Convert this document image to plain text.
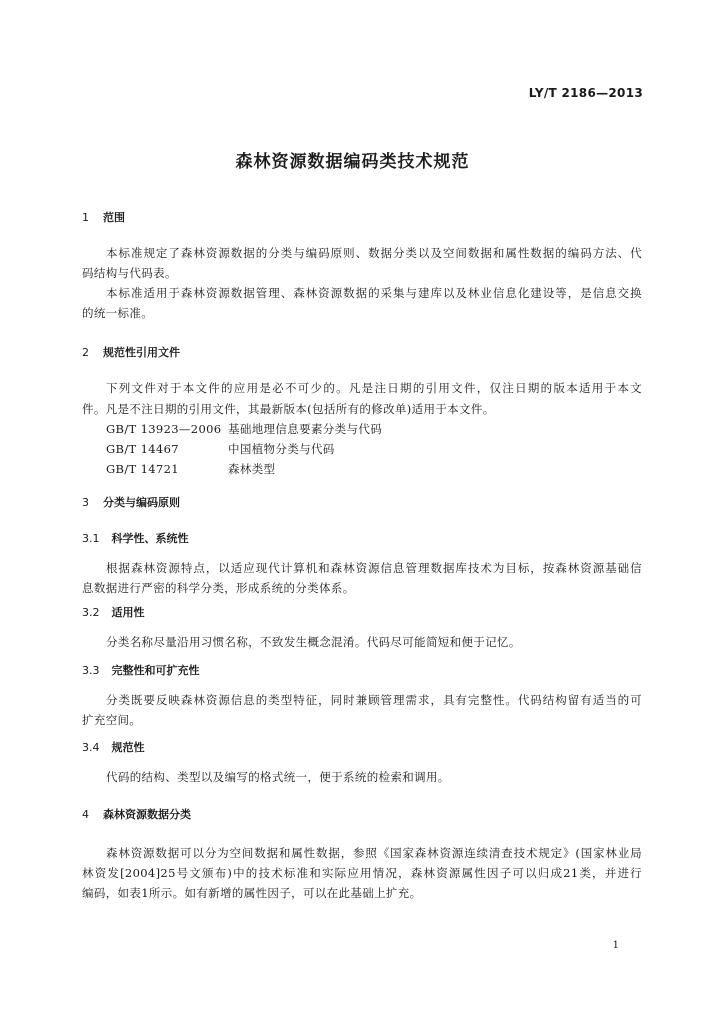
LY/T 2186—2013
森林资源数据编码类技术规范
1 范围
本标准规定了森林资源数据的分类与编码原则、数据分类以及空间数据和属性数据的编码方法、代
码结构与代码表。
本标准适用于森林资源数据管理、森林资源数据的采集与建库以及林业信息化建设等，是信息交换
的统一标准。
2 规范性引用文件
下列文件对于本文件的应用是必不可少的。凡是注日期的引用文件，仅注日期的版本适用于本文
件。凡是不注日期的引用文件，其最新版本(包括所有的修改单)适用于本文件。
GB/T 13923—2006 基础地理信息要素分类与代码
GB/T 14467	中国植物分类与代码
GB/T 14721	森林类型
3 分类与编码原则
3.1 科学性、系统性
根据森林资源特点，以适应现代计算机和森林资源信息管理数据库技术为目标，按森林资源基础信
息数据进行严密的科学分类，形成系统的分类体系。
3.2 适用性
分类名称尽量沿用习惯名称，不致发生概念混淆。代码尽可能简短和便于记忆。
3.3 完整性和可扩充性
分类既要反映森林资源信息的类型特征，同时兼顾管理需求，具有完整性。代码结构留有适当的可
扩充空间。
3.4 规范性
代码的结构、类型以及编写的格式统一，便于系统的检索和调用。
4 森林资源数据分类
森林资源数据可以分为空间数据和属性数据，参照《国家森林资源连续清查技术规定》(国家林业局
林资发[2004]25号文颁布)中的技术标准和实际应用情况，森林资源属性因子可以归成21类，并进行
编码，如表1所示。如有新增的属性因子，可以在此基础上扩充。
1
